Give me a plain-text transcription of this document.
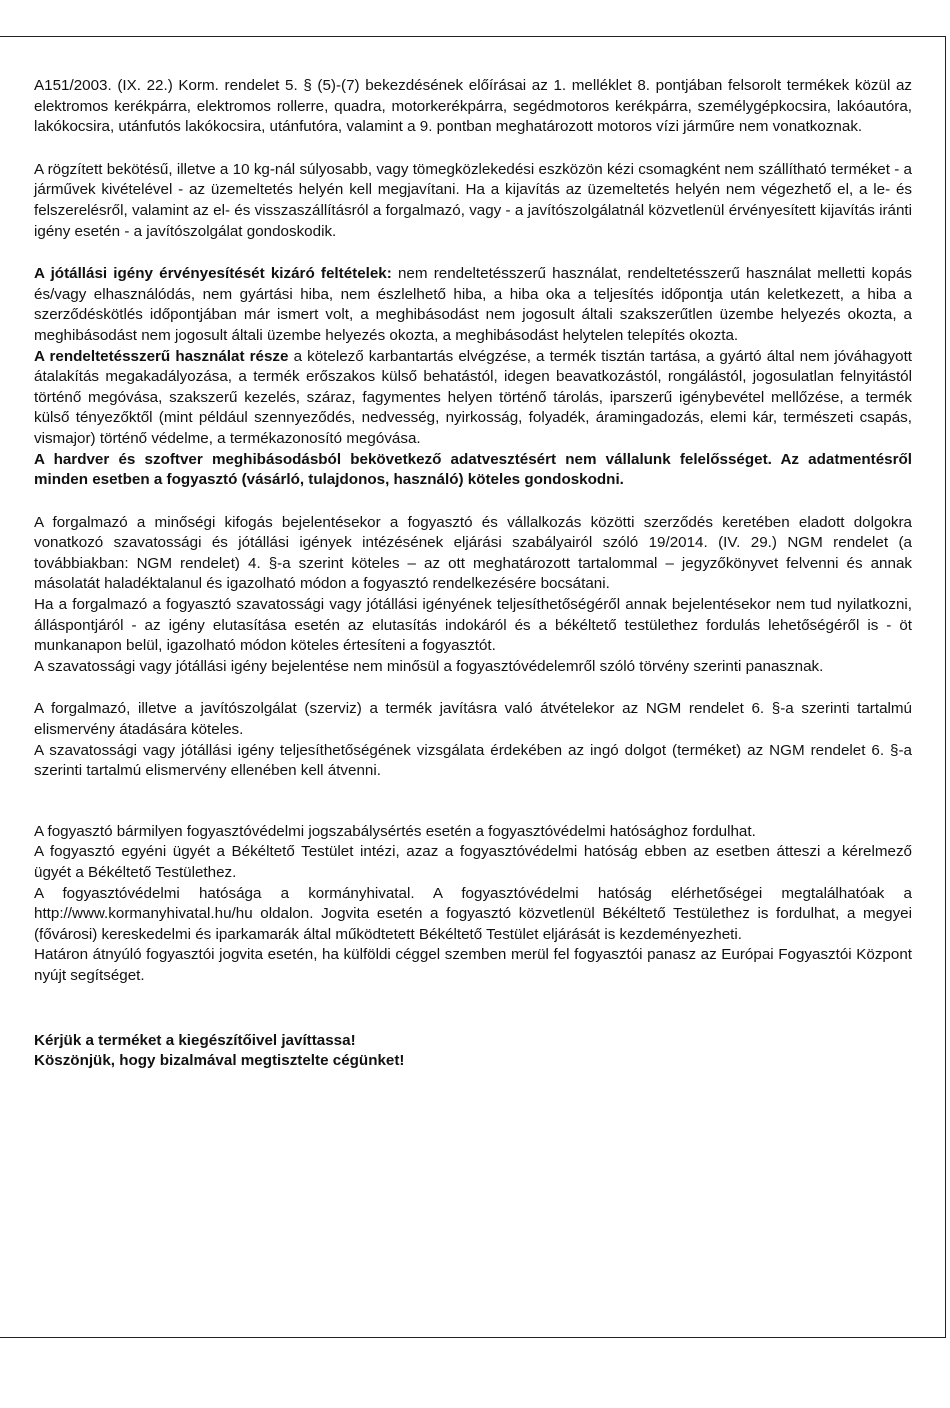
A151/2003. (IX. 22.) Korm. rendelet 5. § (5)-(7) bekezdésének előírásai az 1. melléklet 8. pontjában felsorolt termékek közül az elektromos kerékpárra, elektromos rollerre, quadra, motorkerékpárra, segédmotoros kerékpárra, személygépkocsira, lakóautóra, lakókocsira, utánfutós lakókocsira, utánfutóra, valamint a 9. pontban meghatározott motoros vízi járműre nem vonatkoznak.

A rögzített bekötésű, illetve a 10 kg-nál súlyosabb, vagy tömegközlekedési eszközön kézi csomagként nem szállítható terméket - a járművek kivételével - az üzemeltetés helyén kell megjavítani. Ha a kijavítás az üzemeltetés helyén nem végezhető el, a le- és felszerelésről, valamint az el- és visszaszállításról a forgalmazó, vagy - a javítószolgálatnál közvetlenül érvényesített kijavítás iránti igény esetén - a javítószolgálat gondoskodik.

A jótállási igény érvényesítését kizáró feltételek: nem rendeltetésszerű használat, rendeltetésszerű használat melletti kopás és/vagy elhasználódás, nem gyártási hiba, nem észlelhető hiba, a hiba oka a teljesítés időpontja után keletkezett, a hiba a szerződéskötlés időpontjában már ismert volt, a meghibásodást nem jogosult általi szakszerűtlen üzembe helyezés okozta, a meghibásodást nem jogosult általi üzembe helyezés okozta, a meghibásodást helytelen telepítés okozta.

A rendeltetésszerű használat része a kötelező karbantartás elvégzése, a termék tisztán tartása, a gyártó által nem jóváhagyott átalakítás megakadályozása, a termék erőszakos külső behatástól, idegen beavatkozástól, rongálástól, jogosulatlan felnyitástól történő megóvása, szakszerű kezelés, száraz, fagymentes helyen történő tárolás, iparszerű igénybevétel mellőzése, a termék külső tényezőktől (mint például szennyeződés, nedvesség, nyirkosság, folyadék, áramingadozás, elemi kár, természeti csapás, vismajor) történő védelme, a termékazonosító megóvása.

A hardver és szoftver meghibásodásból bekövetkező adatvesztésért nem vállalunk felelősséget. Az adatmentésről minden esetben a fogyasztó (vásárló, tulajdonos, használó) köteles gondoskodni.

A forgalmazó a minőségi kifogás bejelentésekor a fogyasztó és vállalkozás közötti szerződés keretében eladott dolgokra vonatkozó szavatossági és jótállási igények intézésének eljárási szabályairól szóló 19/2014. (IV. 29.) NGM rendelet (a továbbiakban: NGM rendelet) 4. §-a szerint köteles – az ott meghatározott tartalommal – jegyzőkönyvet felvenni és annak másolatát haladéktalanul és igazolható módon a fogyasztó rendelkezésére bocsátani.

Ha a forgalmazó a fogyasztó szavatossági vagy jótállási igényének teljesíthetőségéről annak bejelentésekor nem tud nyilatkozni, álláspontjáról - az igény elutasítása esetén az elutasítás indokáról és a békéltető testülethez fordulás lehetőségéről is - öt munkanapon belül, igazolható módon köteles értesíteni a fogyasztót.

A szavatossági vagy jótállási igény bejelentése nem minősül a fogyasztóvédelemről szóló törvény szerinti panasznak.

A forgalmazó, illetve a javítószolgálat (szerviz) a termék javításra való átvételekor az NGM rendelet 6. §-a szerinti tartalmú elismervény átadására köteles.

A szavatossági vagy jótállási igény teljesíthetőségének vizsgálata érdekében az ingó dolgot (terméket) az NGM rendelet 6. §-a szerinti tartalmú elismervény ellenében kell átvenni.

A fogyasztó bármilyen fogyasztóvédelmi jogszabálysértés esetén a fogyasztóvédelmi hatósághoz fordulhat.

A fogyasztó egyéni ügyét a Békéltető Testület intézi, azaz a fogyasztóvédelmi hatóság ebben az esetben átteszi a kérelmező ügyét a Békéltető Testülethez.

A fogyasztóvédelmi hatósága a kormányhivatal. A fogyasztóvédelmi hatóság elérhetőségei megtalálhatóak a http://www.kormanyhivatal.hu/hu oldalon. Jogvita esetén a fogyasztó közvetlenül Békéltető Testülethez is fordulhat, a megyei (fővárosi) kereskedelmi és iparkamarák által működtetett Békéltető Testület eljárását is kezdeményezheti.

Határon átnyúló fogyasztói jogvita esetén, ha külföldi céggel szemben merül fel fogyasztói panasz az Európai Fogyasztói Központ nyújt segítséget.

Kérjük a terméket a kiegészítőivel javíttassa!

Köszönjük, hogy bizalmával megtisztelte cégünket!
